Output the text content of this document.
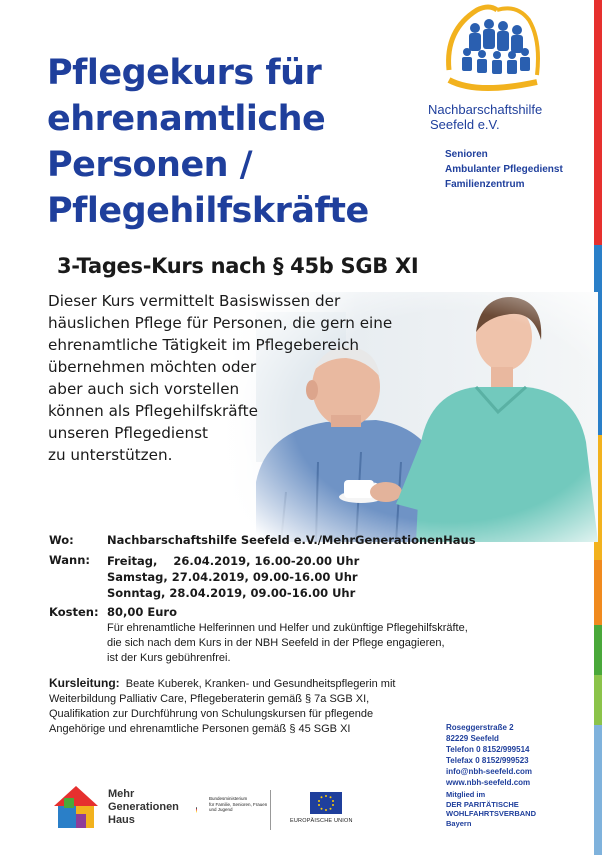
Pflegekurs für
ehrenamtliche
Personen /
Pflegehilfskräfte
3-Tages-Kurs nach § 45b SGB XI
Nachbarschaftshilfe
Seefeld e.V.
Senioren
Ambulanter Pflegedienst
Familienzentrum
Dieser Kurs vermittelt Basiswissen der
häuslichen Pflege für Personen, die gern eine
ehrenamtliche Tätigkeit im Pflegebereich
übernehmen möchten oder
aber auch sich vorstellen
können als Pflegehilfskräfte
unseren Pflegedienst
zu unterstützen.
Wo:	Nachbarschaftshilfe Seefeld e.V./MehrGenerationenHaus
Wann: Freitag,    26.04.2019, 16.00-20.00 Uhr
Samstag, 27.04.2019, 09.00-16.00 Uhr
Sonntag, 28.04.2019, 09.00-16.00 Uhr
Kosten: 80,00 Euro
Für ehrenamtliche Helferinnen und Helfer und zukünftige Pflegehilfskräfte,
die sich nach dem Kurs in der NBH Seefeld in der Pflege engagieren,
ist der Kurs gebührenfrei.
Kursleitung: Beate Kuberek, Kranken- und Gesundheitspflegerin mit
Weiterbildung Palliativ Care, Pflegeberaterin gemäß § 7a SGB XI,
Qualifikation zur Durchführung von Schulungskursen für pflegende
Angehörige und ehrenamtliche Personen gemäß § 45 SGB XI	Roseggerstraße 2
82229 Seefeld
Telefon 0 8152/999514
Telefax 0 8152/999523
info@nbh-seefeld.com
www.nbh-seefeld.com
Mitglied im
DER PARITÄTISCHE
WOHLFAHRTSVERBAND
Bayern
Mehr
Generationen
Haus
Bundesministerium
für Familie, Senioren, Frauen
und Jugend
EUROPÄISCHE UNION
